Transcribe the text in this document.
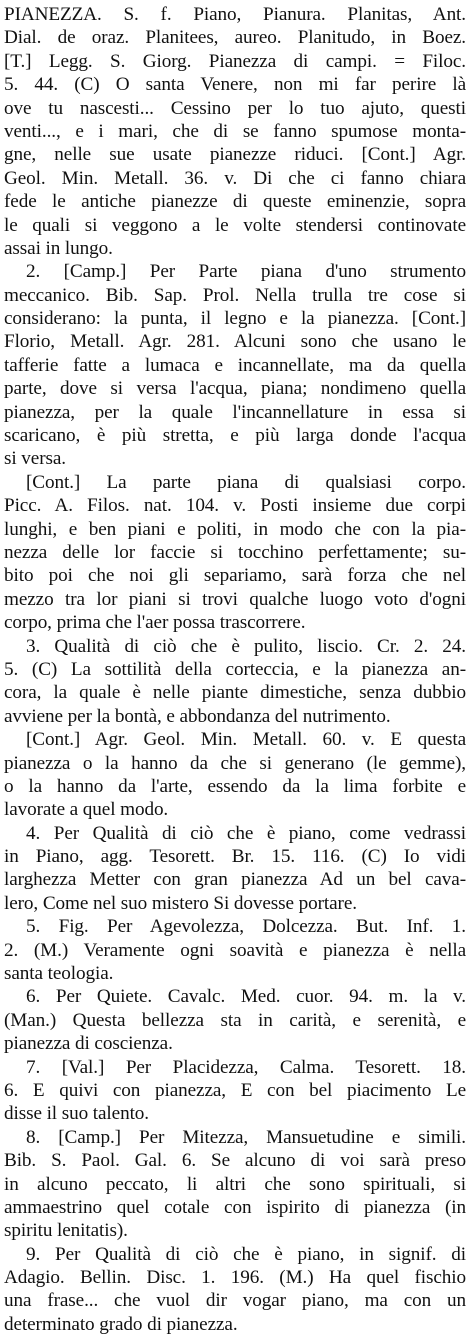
PIANEZZA. S. f. Piano, Pianura. Planitas, Ant.
Dial. de oraz. Planitees, aureo. Planitudo, in Boez.
[T.] Legg. S. Giorg. Pianezza di campi. = Filoc.
5. 44. (C) O santa Venere, non mi far perire là
ove tu nascesti... Cessino per lo tuo ajuto, questi
venti..., e i mari, che di se fanno spumose monta-
gne, nelle sue usate pianezze riduci. [Cont.] Agr.
Geol. Min. Metall. 36. v. Di che ci fanno chiara
fede le antiche pianezze di queste eminenzie, sopra
le quali si veggono a le volte stendersi continovate
assai in lungo.
2. [Camp.] Per Parte piana d'uno strumento
meccanico. Bib. Sap. Prol. Nella trulla tre cose si
considerano: la punta, il legno e la pianezza. [Cont.]
Florio, Metall. Agr. 281. Alcuni sono che usano le
tafferie fatte a lumaca e incannellate, ma da quella
parte, dove si versa l'acqua, piana; nondimeno quella
pianezza, per la quale l'incannellature in essa si
scaricano, è più stretta, e più larga donde l'acqua
si versa.
[Cont.] La parte piana di qualsiasi corpo.
Picc. A. Filos. nat. 104. v. Posti insieme due corpi
lunghi, e ben piani e politi, in modo che con la pia-
nezza delle lor faccie si tocchino perfettamente; su-
bito poi che noi gli separiamo, sarà forza che nel
mezzo tra lor piani si trovi qualche luogo voto d'ogni
corpo, prima che l'aer possa trascorrere.
3. Qualità di ciò che è pulito, liscio. Cr. 2. 24.
5. (C) La sottilità della corteccia, e la pianezza an-
cora, la quale è nelle piante dimestiche, senza dubbio
avviene per la bontà, e abbondanza del nutrimento.
[Cont.] Agr. Geol. Min. Metall. 60. v. E questa
pianezza o la hanno da che si generano (le gemme),
o la hanno da l'arte, essendo da la lima forbite e
lavorate a quel modo.
4. Per Qualità di ciò che è piano, come vedrassi
in Piano, agg. Tesorett. Br. 15. 116. (C) Io vidi
larghezza Metter con gran pianezza Ad un bel cava-
lero, Come nel suo mistero Si dovesse portare.
5. Fig. Per Agevolezza, Dolcezza. But. Inf. 1.
2. (M.) Veramente ogni soavità e pianezza è nella
santa teologia.
6. Per Quiete. Cavalc. Med. cuor. 94. m. la v.
(Man.) Questa bellezza sta in carità, e serenità, e
pianezza di coscienza.
7. [Val.] Per Placidezza, Calma. Tesorett. 18.
6. E quivi con pianezza, E con bel piacimento Le
disse il suo talento.
8. [Camp.] Per Mitezza, Mansuetudine e simili.
Bib. S. Paol. Gal. 6. Se alcuno di voi sarà preso
in alcuno peccato, li altri che sono spirituali, si
ammaestrino quel cotale con ispirito di pianezza (in
spiritu lenitatis).
9. Per Qualità di ciò che è piano, in signif. di
Adagio. Bellin. Disc. 1. 196. (M.) Ha quel fischio
una frase... che vuol dir vogar piano, ma con un
determinato grado di pianezza.
